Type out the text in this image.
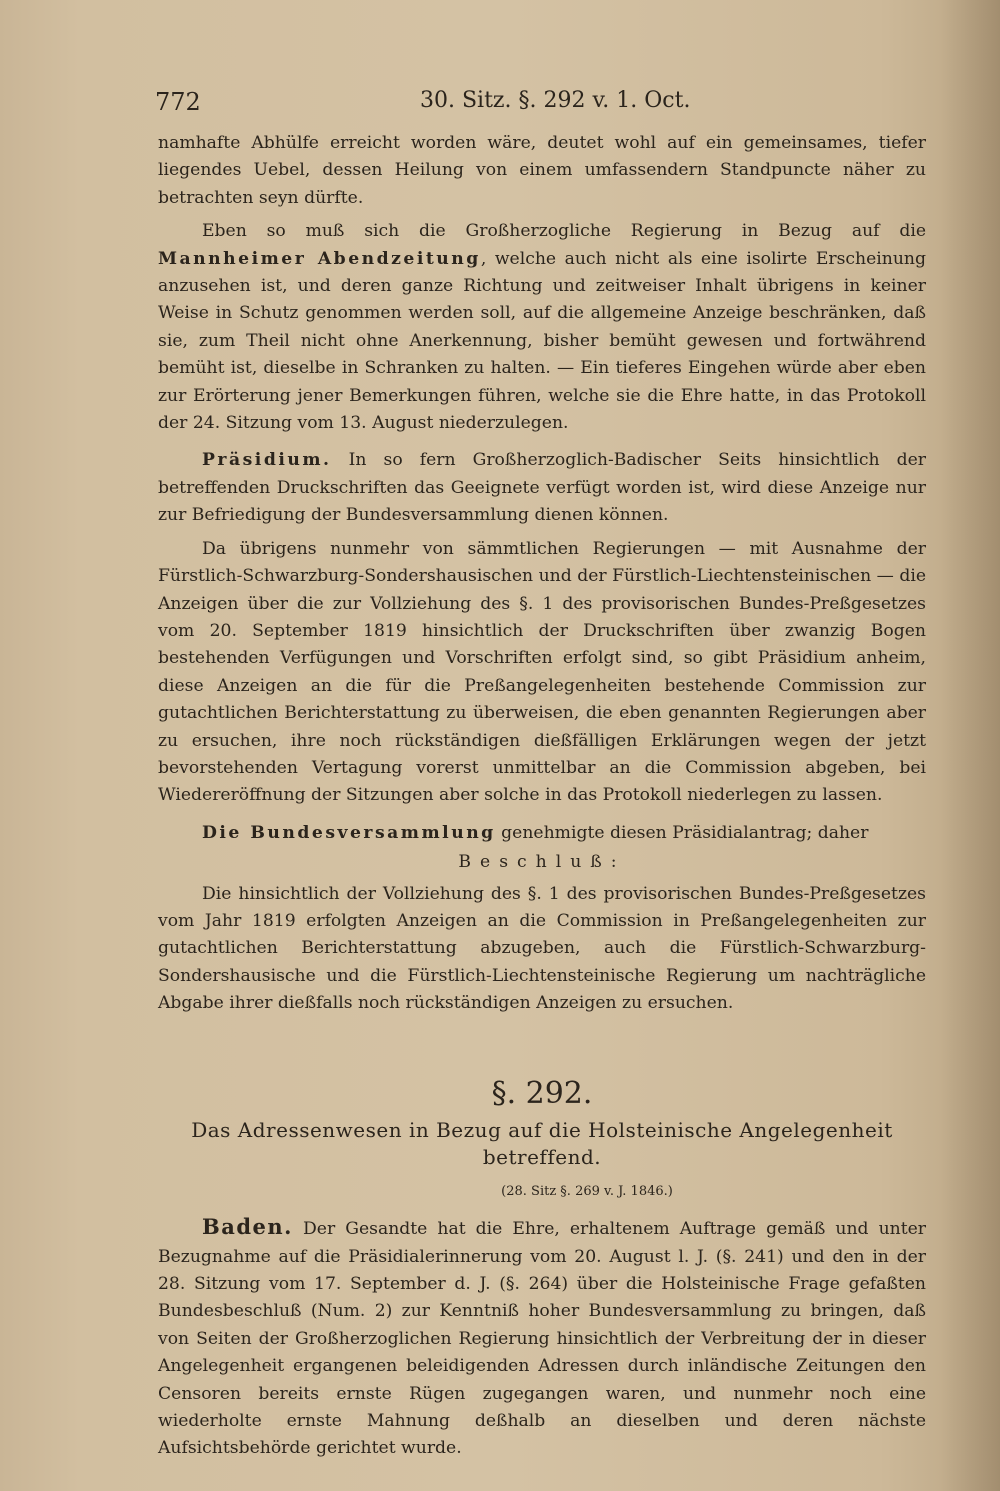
772	30. Sitz. §. 292 v. 1. Oct.

namhafte Abhülfe erreicht worden wäre, deutet wohl auf ein gemeinsames, tiefer liegendes Uebel, dessen Heilung von einem umfassendern Standpuncte näher zu betrachten seyn dürfte.

Eben so muß sich die Großherzogliche Regierung in Bezug auf die Mannheimer Abendzeitung, welche auch nicht als eine isolirte Erscheinung anzusehen ist, und deren ganze Richtung und zeitweiser Inhalt übrigens in keiner Weise in Schutz genommen werden soll, auf die allgemeine Anzeige beschränken, daß sie, zum Theil nicht ohne Anerkennung, bisher bemüht gewesen und fortwährend bemüht ist, dieselbe in Schranken zu halten. — Ein tieferes Eingehen würde aber eben zur Erörterung jener Bemerkungen führen, welche sie die Ehre hatte, in das Protokoll der 24. Sitzung vom 13. August niederzulegen.

Präsidium. In so fern Großherzoglich-Badischer Seits hinsichtlich der betreffenden Druckschriften das Geeignete verfügt worden ist, wird diese Anzeige nur zur Befriedigung der Bundesversammlung dienen können.

Da übrigens nunmehr von sämmtlichen Regierungen — mit Ausnahme der Fürstlich-Schwarzburg-Sondershausischen und der Fürstlich-Liechtensteinischen — die Anzeigen über die zur Vollziehung des §. 1 des provisorischen Bundes-Preßgesetzes vom 20. September 1819 hinsichtlich der Druckschriften über zwanzig Bogen bestehenden Verfügungen und Vorschriften erfolgt sind, so gibt Präsidium anheim, diese Anzeigen an die für die Preßangelegenheiten bestehende Commission zur gutachtlichen Berichterstattung zu überweisen, die eben genannten Regierungen aber zu ersuchen, ihre noch rückständigen dießfälligen Erklärungen wegen der jetzt bevorstehenden Vertagung vorerst unmittelbar an die Commission abgeben, bei Wiedereröffnung der Sitzungen aber solche in das Protokoll niederlegen zu lassen.

Die Bundesversammlung genehmigte diesen Präsidialantrag; daher

Beschluß:

Die hinsichtlich der Vollziehung des §. 1 des provisorischen Bundes-Preßgesetzes vom Jahr 1819 erfolgten Anzeigen an die Commission in Preßangelegenheiten zur gutachtlichen Berichterstattung abzugeben, auch die Fürstlich-Schwarzburg-Sondershausische und die Fürstlich-Liechtensteinische Regierung um nachträgliche Abgabe ihrer dießfalls noch rückständigen Anzeigen zu ersuchen.

§. 292.

Das Adressenwesen in Bezug auf die Holsteinische Angelegenheit betreffend.

(28. Sitz §. 269 v. J. 1846.)

Baden. Der Gesandte hat die Ehre, erhaltenem Auftrage gemäß und unter Bezugnahme auf die Präsidialerinnerung vom 20. August l. J. (§. 241) und den in der 28. Sitzung vom 17. September d. J. (§. 264) über die Holsteinische Frage gefaßten Bundesbeschluß (Num. 2) zur Kenntniß hoher Bundesversammlung zu bringen, daß von Seiten der Großherzoglichen Regierung hinsichtlich der Verbreitung der in dieser Angelegenheit ergangenen beleidigenden Adressen durch inländische Zeitungen den Censoren bereits ernste Rügen zugegangen waren, und nunmehr noch eine wiederholte ernste Mahnung deßhalb an dieselben und deren nächste Aufsichtsbehörde gerichtet wurde.
